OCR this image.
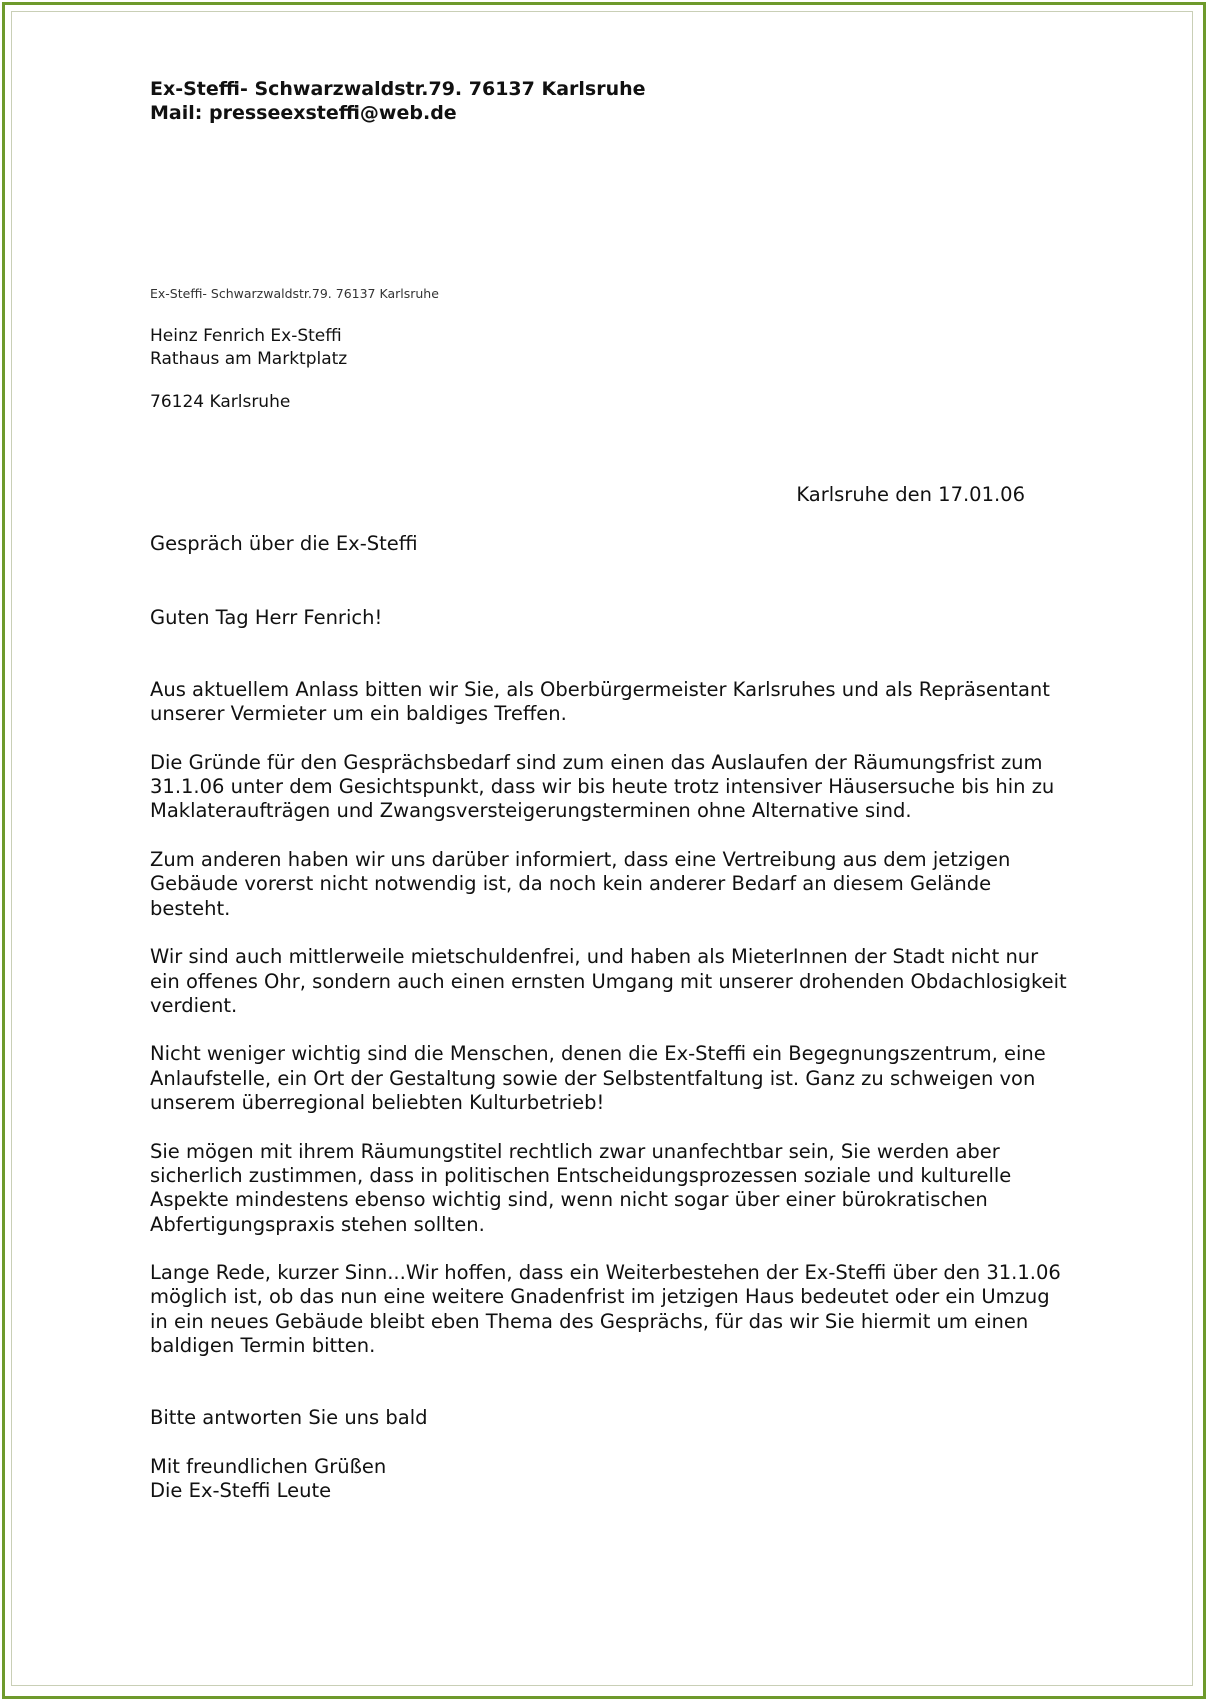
Ex-Steffi- Schwarzwaldstr.79. 76137 Karlsruhe
Mail: presseexsteffi@web.de
Ex-Steffi- Schwarzwaldstr.79. 76137 Karlsruhe
Heinz Fenrich Ex-Steffi
Rathaus am Marktplatz
76124 Karlsruhe
Karlsruhe den 17.01.06
Gespräch über die Ex-Steffi
Guten Tag Herr Fenrich!

Aus aktuellem Anlass bitten wir Sie, als Oberbürgermeister Karlsruhes und als Repräsentant unserer Vermieter um ein baldiges Treffen.

Die Gründe für den Gesprächsbedarf sind zum einen das Auslaufen der Räumungsfrist zum 31.1.06 unter dem Gesichtspunkt, dass wir bis heute trotz intensiver Häusersuche bis hin zu Maklateraufträgen und Zwangsversteigerungsterminen ohne Alternative sind.

Zum anderen haben wir uns darüber informiert, dass eine Vertreibung aus dem jetzigen Gebäude vorerst nicht notwendig ist, da noch kein anderer Bedarf an diesem Gelände besteht.

Wir sind auch mittlerweile mietschuldenfrei, und haben als MieterInnen der Stadt nicht nur ein offenes Ohr, sondern auch einen ernsten Umgang mit unserer drohenden Obdachlosigkeit verdient.

Nicht weniger wichtig sind die Menschen, denen die Ex-Steffi ein Begegnungszentrum, eine Anlaufstelle, ein Ort der Gestaltung sowie der Selbstentfaltung ist. Ganz zu schweigen von unserem überregional beliebten Kulturbetrieb!

Sie mögen mit ihrem Räumungstitel rechtlich zwar unanfechtbar sein, Sie werden aber sicherlich zustimmen, dass in politischen Entscheidungsprozessen soziale und kulturelle Aspekte mindestens ebenso wichtig sind, wenn nicht sogar über einer bürokratischen Abfertigungspraxis stehen sollten.

Lange Rede, kurzer Sinn...Wir hoffen, dass ein Weiterbestehen der Ex-Steffi über den 31.1.06 möglich ist, ob das nun eine weitere Gnadenfrist im jetzigen Haus bedeutet oder ein Umzug in ein neues Gebäude bleibt eben Thema des Gesprächs, für das wir Sie hiermit um einen baldigen Termin bitten.

Bitte antworten Sie uns bald
Mit freundlichen Grüßen
Die Ex-Steffi Leute
